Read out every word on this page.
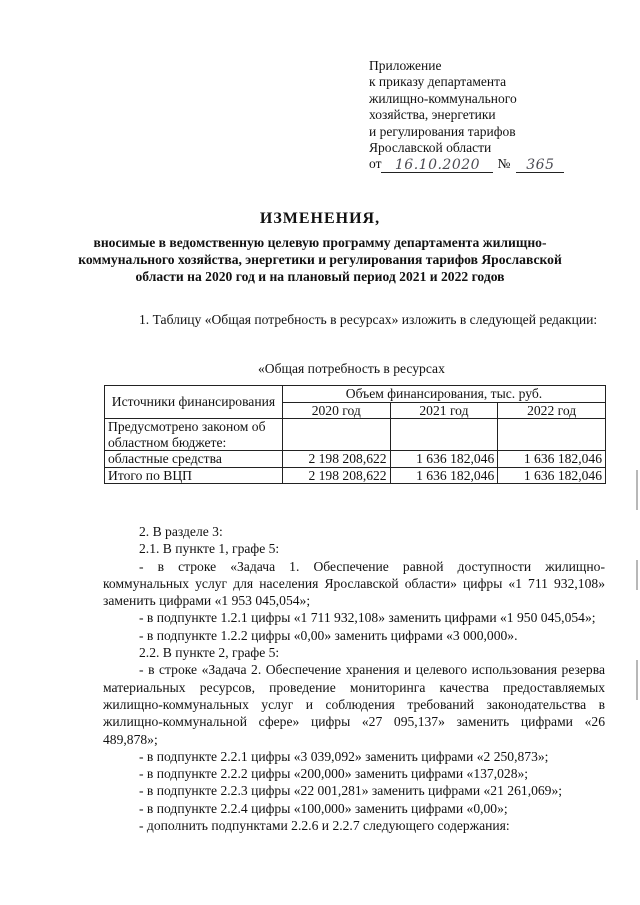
Приложение
к приказу департамента
жилищно-коммунального
хозяйства, энергетики
и регулирования тарифов
Ярославской области
от 16.10.2020	№	365
ИЗМЕНЕНИЯ,
вносимые в ведомственную целевую программу департамента жилищно-коммунального хозяйства, энергетики и регулирования тарифов Ярославской области на 2020 год и на плановый период 2021 и 2022 годов
1. Таблицу «Общая потребность в ресурсах» изложить в следующей редакции:
«Общая потребность в ресурсах
Источники финансирования	Объем финансирования, тыс. руб.		
	2020 год	2021 год	2022 год
Предусмотрено законом об областном бюджете:			
областные средства	2 198 208,622	1 636 182,046	1 636 182,046
Итого по ВЦП	2 198 208,622	1 636 182,046	1 636 182,046
2. В разделе 3:
2.1. В пункте 1, графе 5:
- в строке «Задача 1. Обеспечение равной доступности жилищно-коммунальных услуг для населения Ярославской области» цифры «1 711 932,108» заменить цифрами «1 953 045,054»;
- в подпункте 1.2.1 цифры «1 711 932,108» заменить цифрами «1 950 045,054»;
- в подпункте 1.2.2 цифры «0,00» заменить цифрами «3 000,000».
2.2. В пункте 2, графе 5:
- в строке «Задача 2. Обеспечение хранения и целевого использования резерва материальных ресурсов, проведение мониторинга качества предоставляемых жилищно-коммунальных услуг и соблюдения требований законодательства в жилищно-коммунальной сфере» цифры «27 095,137» заменить цифрами «26 489,878»;
- в подпункте 2.2.1 цифры «3 039,092» заменить цифрами «2 250,873»;
- в подпункте 2.2.2 цифры «200,000» заменить цифрами «137,028»;
- в подпункте 2.2.3 цифры «22 001,281» заменить цифрами «21 261,069»;
- в подпункте 2.2.4 цифры «100,000» заменить цифрами «0,00»;
- дополнить подпунктами 2.2.6 и 2.2.7 следующего содержания:
